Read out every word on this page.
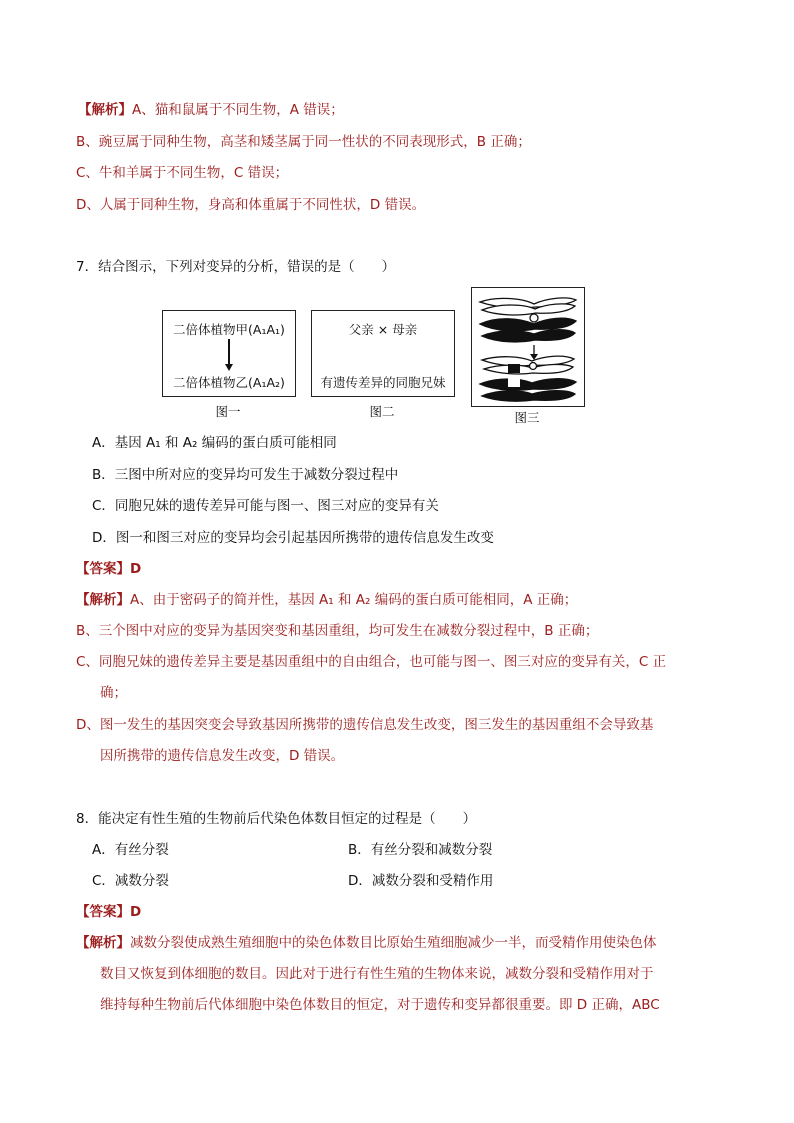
【解析】A、猫和鼠属于不同生物，A 错误；
B、豌豆属于同种生物，高茎和矮茎属于同一性状的不同表现形式，B 正确；
C、牛和羊属于不同生物，C 错误；
D、人属于同种生物，身高和体重属于不同性状，D 错误。
7．结合图示，下列对变异的分析，错误的是（　　）
二倍体植物甲(A₁A₁)
二倍体植物乙(A₁A₂)
图一
父亲 × 母亲
有遗传差异的同胞兄妹
图二	图三
A．基因 A₁ 和 A₂ 编码的蛋白质可能相同
B．三图中所对应的变异均可发生于减数分裂过程中
C．同胞兄妹的遗传差异可能与图一、图三对应的变异有关
D．图一和图三对应的变异均会引起基因所携带的遗传信息发生改变
【答案】D
【解析】A、由于密码子的简并性，基因 A₁ 和 A₂ 编码的蛋白质可能相同，A 正确；
B、三个图中对应的变异为基因突变和基因重组，均可发生在减数分裂过程中，B 正确；
C、同胞兄妹的遗传差异主要是基因重组中的自由组合，也可能与图一、图三对应的变异有关，C 正
确；
D、图一发生的基因突变会导致基因所携带的遗传信息发生改变，图三发生的基因重组不会导致基
因所携带的遗传信息发生改变，D 错误。
8．能决定有性生殖的生物前后代染色体数目恒定的过程是（　　）
A．有丝分裂	B．有丝分裂和减数分裂
C．减数分裂	D．减数分裂和受精作用
【答案】D
【解析】减数分裂使成熟生殖细胞中的染色体数目比原始生殖细胞减少一半，而受精作用使染色体
数目又恢复到体细胞的数目。因此对于进行有性生殖的生物体来说，减数分裂和受精作用对于
维持每种生物前后代体细胞中染色体数目的恒定，对于遗传和变异都很重要。即 D 正确，ABC
